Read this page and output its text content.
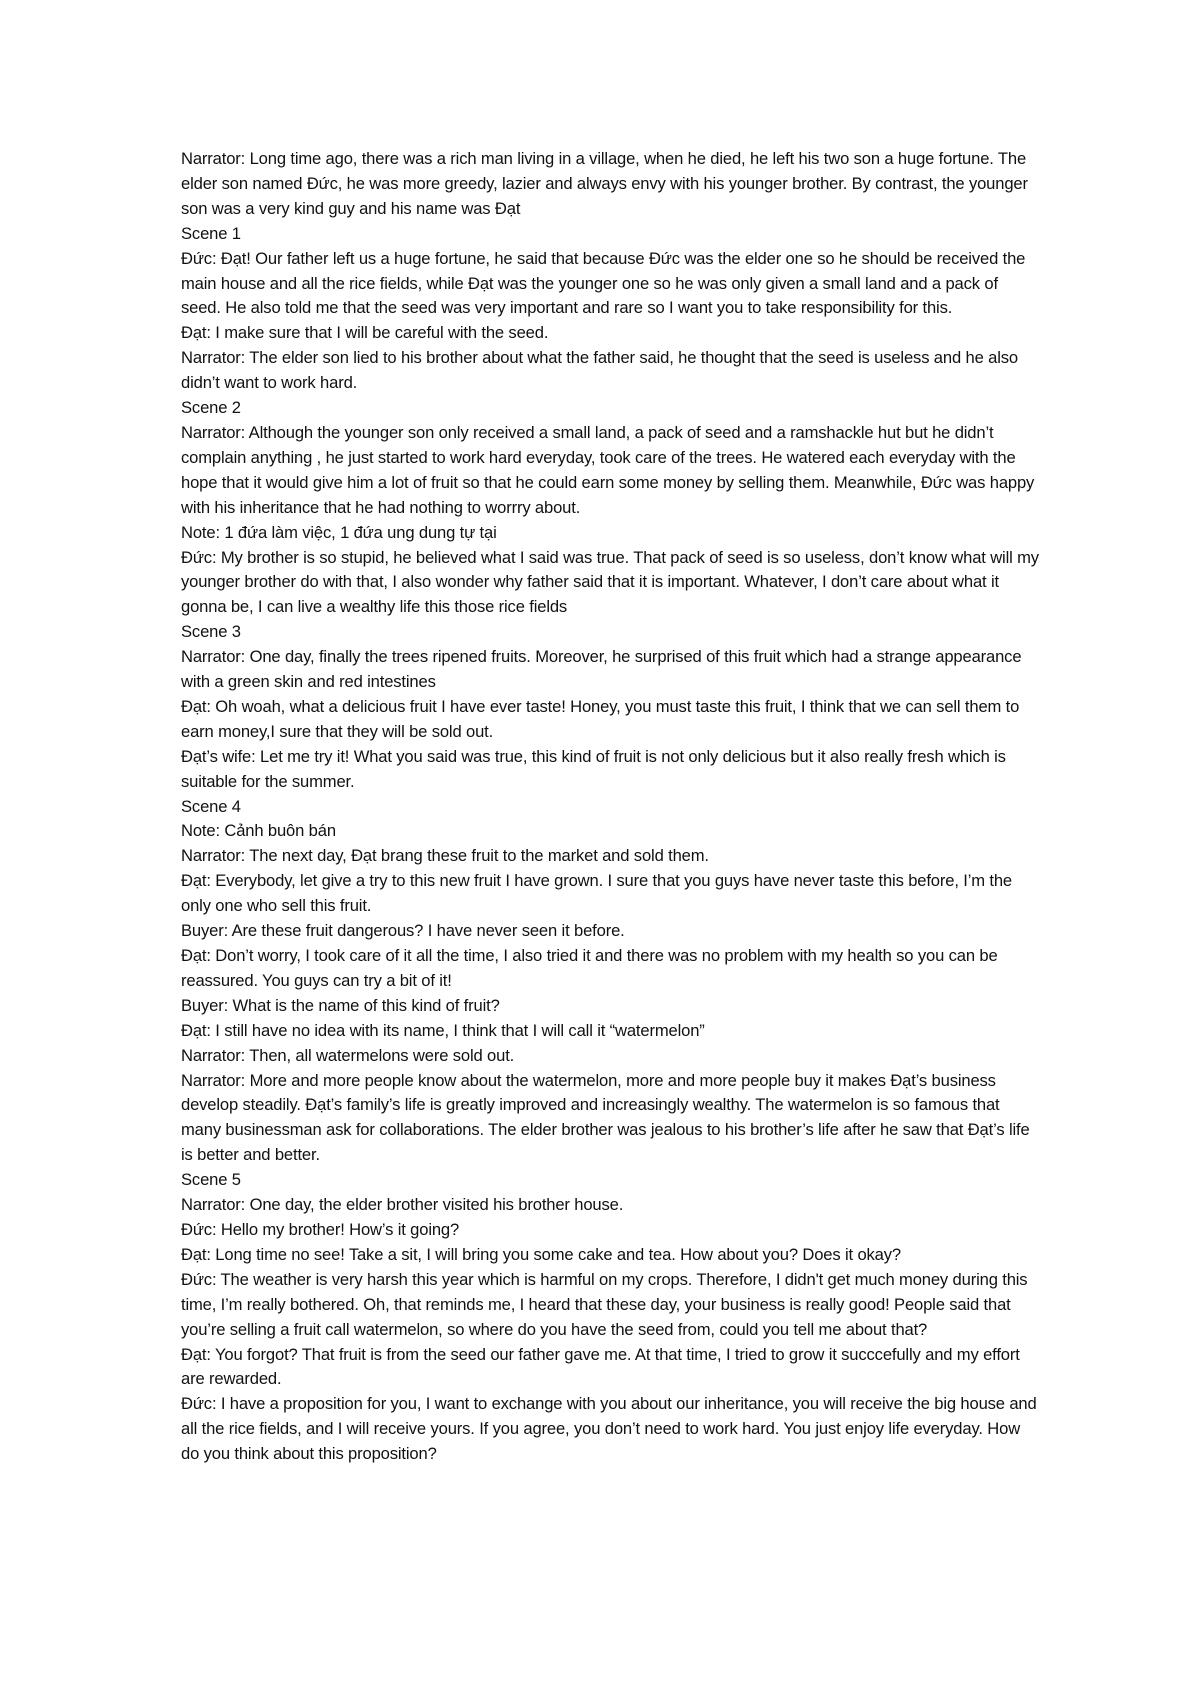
Narrator: Long time ago, there was a rich man living in a village, when he died, he left his two son a huge fortune. The elder son named Đức, he was more greedy, lazier and always envy with his younger brother. By contrast, the younger son was a very kind guy and his name was Đạt

Scene 1

Đức: Đạt! Our father left us a huge fortune, he said that because Đức was the elder one so he should be received the main house and all the rice fields, while Đạt was the younger one so he was only given a small land and a pack of seed. He also told me that the seed was very important and rare so I want you to take responsibility for this.

Đạt: I make sure that I will be careful with the seed.

Narrator: The elder son lied to his brother about what the father said, he thought that the seed is useless and he also didn’t want to work hard.

Scene 2

Narrator: Although the younger son only received a small land, a pack of seed and a ramshackle hut but he didn’t complain anything , he just started to work hard everyday, took care of the trees. He watered each everyday with the hope that it would give him a lot of fruit so that he could earn some money by selling them. Meanwhile, Đức was happy with his inheritance that he had nothing to worrry about.

Note: 1 đứa làm việc, 1 đứa ung dung tự tại

Đức: My brother is so stupid, he believed what I said was true. That pack of seed is so useless, don’t know what will my younger brother do with that, I also wonder why father said that it is important. Whatever, I don’t care about what it gonna be, I can live a wealthy life this those rice fields

Scene 3

Narrator: One day, finally the trees ripened fruits. Moreover, he surprised of this fruit which had a strange appearance with a green skin and red intestines

Đạt: Oh woah, what a delicious fruit I have ever taste! Honey, you must taste this fruit, I think that we can sell them to earn money,I sure that they will be sold out.

Đạt’s wife: Let me try it! What you said was true, this kind of fruit is not only delicious but it also really fresh which is suitable for the summer.

Scene 4

Note: Cảnh buôn bán

Narrator: The next day, Đạt brang these fruit to the market and sold them.

Đạt: Everybody, let give a try to this new fruit I have grown. I sure that you guys have never taste this before, I’m the only one who sell this fruit.

Buyer: Are these fruit dangerous? I have never seen it before.

Đạt: Don’t worry, I took care of it all the time, I also tried it and there was no problem with my health so you can be reassured. You guys can try a bit of it!

Buyer: What is the name of this kind of fruit?

Đạt: I still have no idea with its name, I think that I will call it “watermelon”

Narrator: Then, all watermelons were sold out.

Narrator: More and more people know about the watermelon, more and more people buy it makes Đạt’s business develop steadily. Đạt’s family’s life is greatly improved and increasingly wealthy. The watermelon is so famous that many businessman ask for collaborations. The elder brother was jealous to his brother’s life after he saw that Đạt’s life is better and better.

Scene 5

Narrator: One day, the elder brother visited his brother house.

Đức: Hello my brother! How’s it going?

Đạt: Long time no see! Take a sit, I will bring you some cake and tea. How about you? Does it okay?

Đức: The weather is very harsh this year which is harmful on my crops. Therefore, I didn't get much money during this time, I’m really bothered. Oh, that reminds me, I heard that these day, your business is really good! People said that you’re selling a fruit call watermelon, so where do you have the seed from, could you tell me about that?

Đạt: You forgot? That fruit is from the seed our father gave me. At that time, I tried to grow it succcefully and my effort are rewarded.

Đức: I have a proposition for you, I want to exchange with you about our inheritance, you will receive the big house and all the rice fields, and I will receive yours. If you agree, you don’t need to work hard. You just enjoy life everyday. How do you think about this proposition?
